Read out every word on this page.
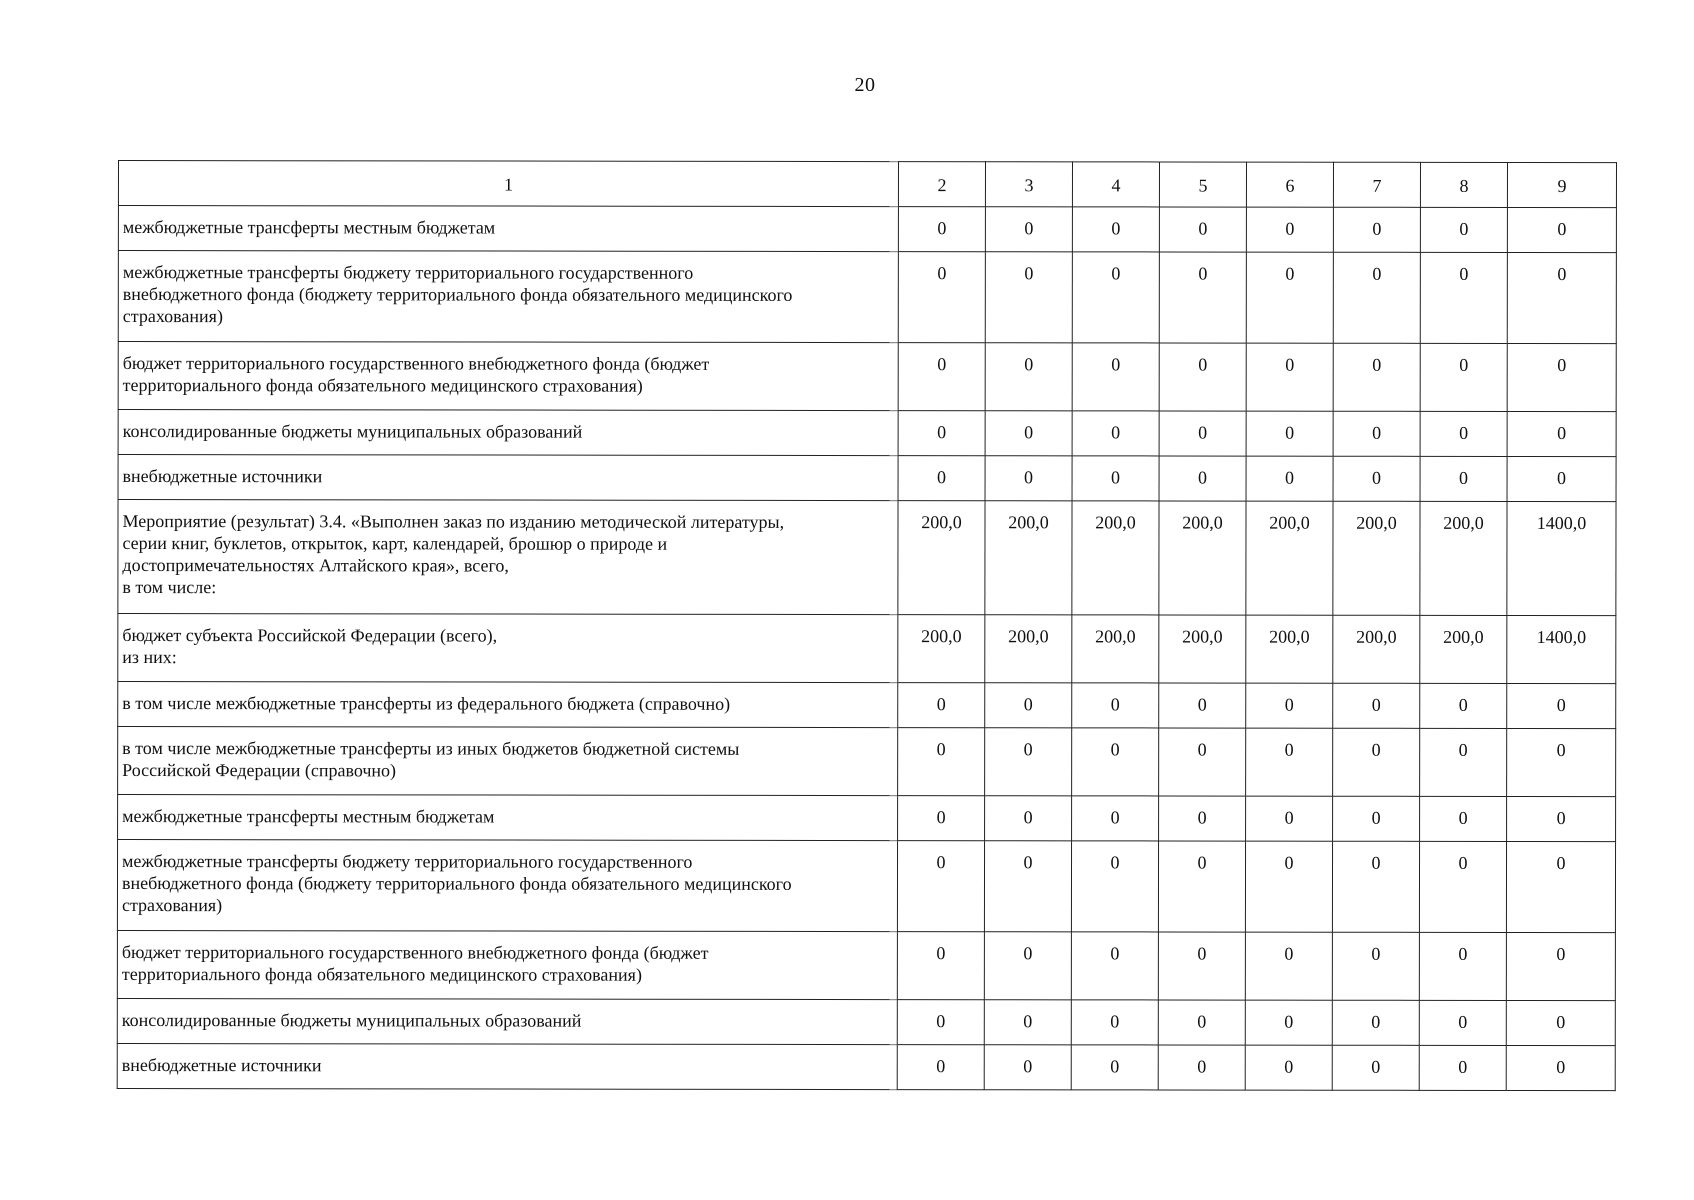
20
1	2	3	4	5	6	7	8	9

межбюджетные трансферты местным бюджетам	0	0	0	0	0	0	0	0

межбюджетные трансферты бюджету территориального государственного
внебюджетного фонда (бюджету территориального фонда обязательного медицинского
страхования)	0	0	0	0	0	0	0	0

бюджет территориального государственного внебюджетного фонда (бюджет
территориального фонда обязательного медицинского страхования)	0	0	0	0	0	0	0	0

консолидированные бюджеты муниципальных образований	0	0	0	0	0	0	0	0

внебюджетные источники	0	0	0	0	0	0	0	0

Мероприятие (результат) 3.4. «Выполнен заказ по изданию методической литературы,
серии книг, буклетов, открыток, карт, календарей, брошюр о природе и
достопримечательностях Алтайского края», всего,
в том числе:	200,0	200,0	200,0	200,0	200,0	200,0	200,0	1400,0

бюджет субъекта Российской Федерации (всего),
из них:	200,0	200,0	200,0	200,0	200,0	200,0	200,0	1400,0

в том числе межбюджетные трансферты из федерального бюджета (справочно)	0	0	0	0	0	0	0	0

в том числе межбюджетные трансферты из иных бюджетов бюджетной системы
Российской Федерации (справочно)	0	0	0	0	0	0	0	0

межбюджетные трансферты местным бюджетам	0	0	0	0	0	0	0	0

межбюджетные трансферты бюджету территориального государственного
внебюджетного фонда (бюджету территориального фонда обязательного медицинского
страхования)	0	0	0	0	0	0	0	0

бюджет территориального государственного внебюджетного фонда (бюджет
территориального фонда обязательного медицинского страхования)	0	0	0	0	0	0	0	0

консолидированные бюджеты муниципальных образований	0	0	0	0	0	0	0	0

внебюджетные источники	0	0	0	0	0	0	0	0
